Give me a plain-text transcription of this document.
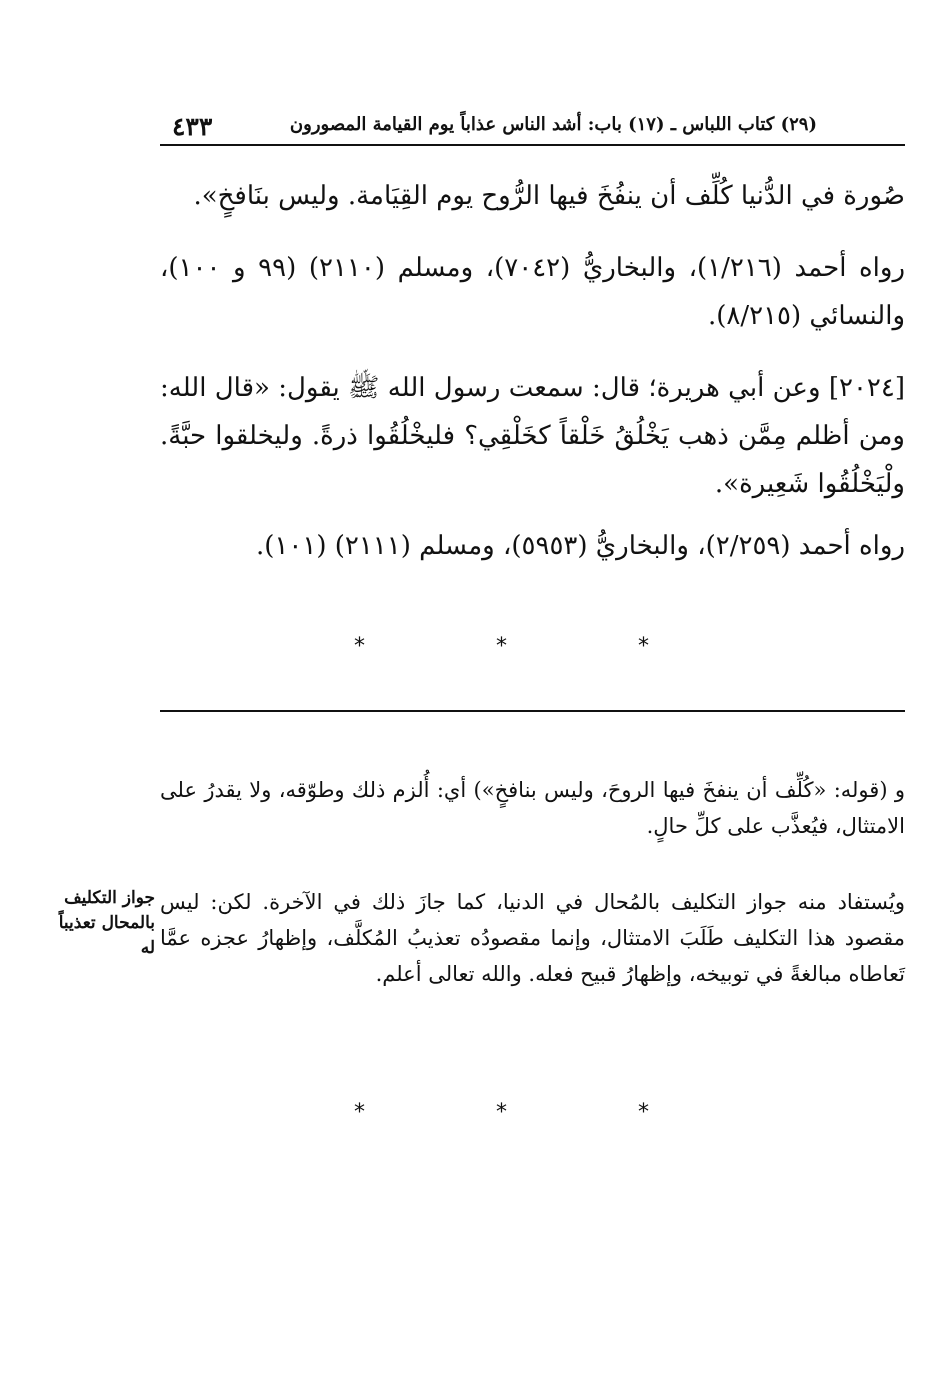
٤٣٣	(٢٩) كتاب اللباس ـ (١٧) باب: أشد الناس عذاباً يوم القيامة المصورون

صُورة في الدُّنيا كُلِّف أن ينفُخَ فيها الرُّوح يوم القِيَامة. وليس بنَافخٍ».

رواه أحمد (١/٢١٦)، والبخاريُّ (٧٠٤٢)، ومسلم (٢١١٠) (٩٩ و ١٠٠)، والنسائي (٨/٢١٥).

[٢٠٢٤] وعن أبي هريرة؛ قال: سمعت رسول الله ﷺ يقول: «قال الله: ومن أظلم مِمَّن ذهب يَخْلُقُ خَلْقاً كخَلْقِي؟ فليخْلُقُوا ذرةً. وليخلقوا حبَّةً. ولْيَخْلُقُوا شَعِيرة».

رواه أحمد (٢/٢٥٩)، والبخاريُّ (٥٩٥٣)، ومسلم (٢١١١) (١٠١).

* * *

و (قوله: «كُلِّف أن ينفخَ فيها الروحَ، وليس بنافخٍ») أي: أُلزم ذلك وطوّقه، ولا يقدرُ على الامتثال، فيُعذَّب على كلِّ حالٍ.

ويُستفاد منه جواز التكليف بالمُحال في الدنيا، كما جازَ ذلك في الآخرة. لكن: ليس مقصود هذا التكليف طَلَبَ الامتثال، وإنما مقصودُه تعذيبُ المُكلَّف، وإظهارُ عجزه عمَّا تَعاطاه مبالغةً في توبيخه، وإظهارُ قبيح فعله. والله تعالى أعلم.

جواز التكليف بالمحال تعذيباً له
* * *
